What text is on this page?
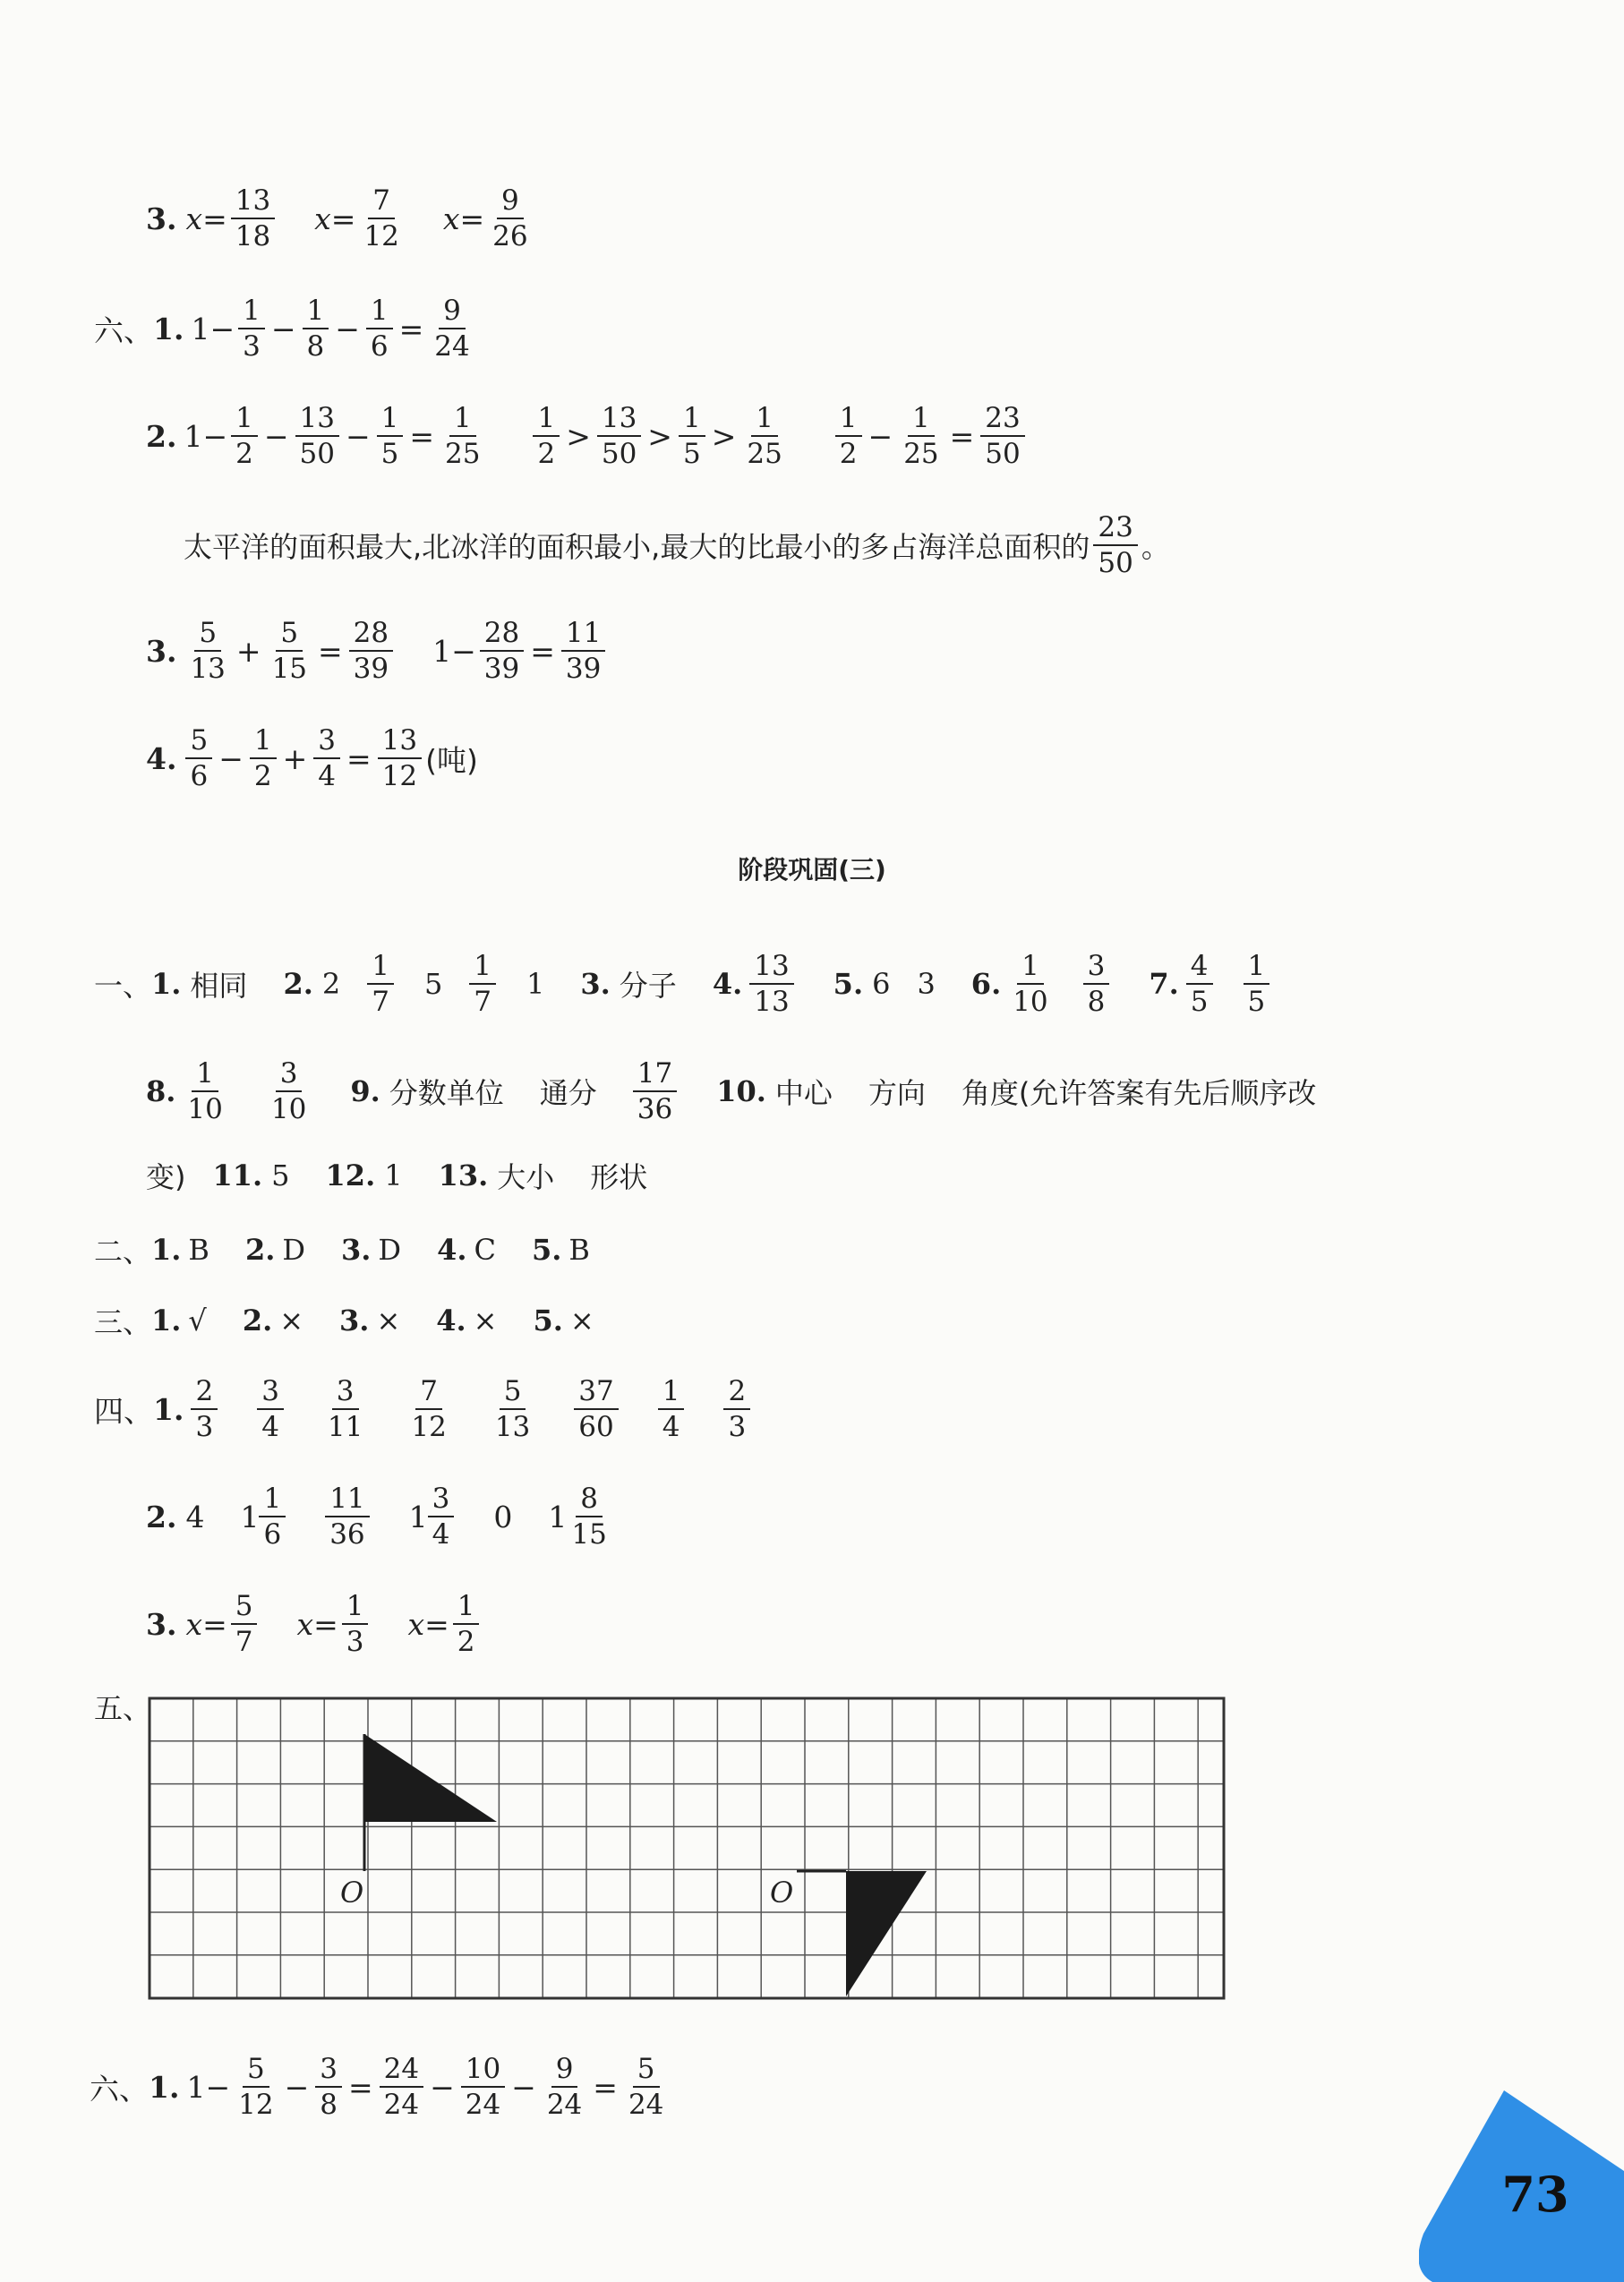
3. $x= \frac{13}{18} x= \frac{7}{12} x= \frac{9}{26}$
六、 1. $1- \frac{1}{3} - \frac{1}{8} - \frac{1}{6} = \frac{9}{24}$
2. $1- \frac{1}{2} - \frac{13}{50} - \frac{1}{5} = \frac{1}{25} \frac{1}{2} > \frac{13}{50} > \frac{1}{5} > \frac{1}{25} \frac{1}{2} - \frac{1}{25} = \frac{23}{50}$
太平洋的面积最大,北冰洋的面积最小,最大的比最小的多占海洋总面积的 $\frac{23}{50}$ 。
3. $\frac{5}{13} + \frac{5}{15} = \frac{28}{39} 1- \frac{28}{39} = \frac{11}{39}$
4. $\frac{5}{6} - \frac{1}{2} + \frac{3}{4} = \frac{13}{12}$ (吨)
阶段巩固(三)
一、 1. 相同 2. $2 \frac{1}{7} 5 \frac{1}{7} 1$ 3. 分子 4. $\frac{13}{13} 5$. 6 3 6. $\frac{1}{10} \frac{3}{8} 7$. $\frac{4}{5} \frac{1}{5}$
8. $\frac{1}{10} \frac{3}{10} 9$. 分数单位 通分 $\frac{17}{36} 10$. 中心 方向 角度(允许答案有先后顺序改
变) 11. 5 12. 1 13. 大小 形状
二、 1. B 2. D 3. D 4. C 5. B
三、 1. √ 2. × 3. × 4. × 5. ×
四、 1. $\frac{2}{3} \frac{3}{4} \frac{3}{11} \frac{7}{12} \frac{5}{13} \frac{37}{60} \frac{1}{4} \frac{2}{3}$
2. 4 $1 \frac{1}{6} \frac{11}{36} 1 \frac{3}{4} 0$ $1 \frac{8}{15}$
3. $x= \frac{5}{7} x= \frac{1}{3} x= \frac{1}{2}$
五、
O	O
六、 1. $1- \frac{5}{12} - \frac{3}{8} = \frac{24}{24} - \frac{10}{24} - \frac{9}{24} = \frac{5}{24}$
73
